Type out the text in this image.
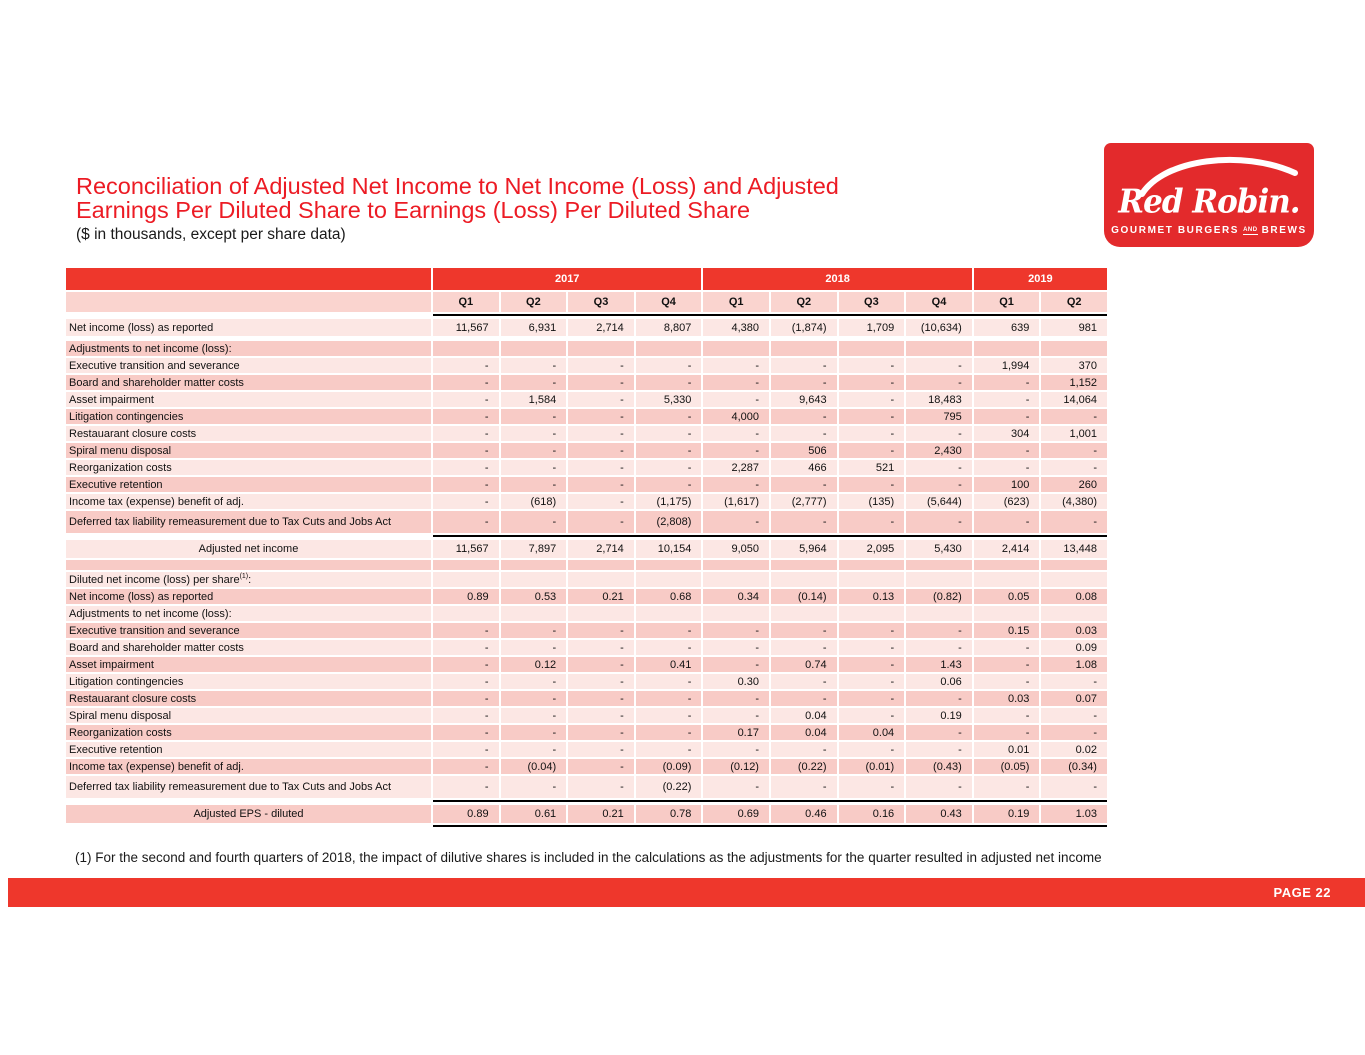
Reconciliation of Adjusted Net Income to Net Income (Loss) and Adjusted
Earnings Per Diluted Share to Earnings (Loss) Per Diluted Share
($ in thousands, except per share data)
Red Robin.
GOURMET BURGERS AND BREWS
2017	2018	2019
Q1	Q2	Q3	Q4	Q1	Q2	Q3	Q4	Q1	Q2
Net income (loss) as reported	11,567	6,931	2,714	8,807	4,380	(1,874)	1,709	(10,634)	639	981
Adjustments to net income (loss):
Executive transition and severance	-	-	-	-	-	-	-	-	1,994	370
Board and shareholder matter costs	-	-	-	-	-	-	-	-	-	1,152
Asset impairment	-	1,584	-	5,330	-	9,643	-	18,483	-	14,064
Litigation contingencies	-	-	-	-	4,000	-	-	795	-	-
Restauarant closure costs	-	-	-	-	-	-	-	-	304	1,001
Spiral menu disposal	-	-	-	-	-	506	-	2,430	-	-
Reorganization costs	-	-	-	-	2,287	466	521	-	-	-
Executive retention	-	-	-	-	-	-	-	-	100	260
Income tax (expense) benefit of adj.	-	(618)	-	(1,175)	(1,617)	(2,777)	(135)	(5,644)	(623)	(4,380)
Deferred tax liability remeasurement due to Tax Cuts and Jobs Act	-	-	-	(2,808)	-	-	-	-	-	-
Adjusted net income	11,567	7,897	2,714	10,154	9,050	5,964	2,095	5,430	2,414	13,448
Diluted net income (loss) per share (1) :
Net income (loss) as reported	0.89	0.53	0.21	0.68	0.34	(0.14)	0.13	(0.82)	0.05	0.08
Adjustments to net income (loss):
Executive transition and severance	-	-	-	-	-	-	-	-	0.15	0.03
Board and shareholder matter costs	-	-	-	-	-	-	-	-	-	0.09
Asset impairment	-	0.12	-	0.41	-	0.74	-	1.43	-	1.08
Litigation contingencies	-	-	-	-	0.30	-	-	0.06	-	-
Restauarant closure costs	-	-	-	-	-	-	-	-	0.03	0.07
Spiral menu disposal	-	-	-	-	-	0.04	-	0.19	-	-
Reorganization costs	-	-	-	-	0.17	0.04	0.04	-	-	-
Executive retention	-	-	-	-	-	-	-	-	0.01	0.02
Income tax (expense) benefit of adj.	-	(0.04)	-	(0.09)	(0.12)	(0.22)	(0.01)	(0.43)	(0.05)	(0.34)
Deferred tax liability remeasurement due to Tax Cuts and Jobs Act	-	-	-	(0.22)	-	-	-	-	-	-
Adjusted EPS - diluted	0.89	0.61	0.21	0.78	0.69	0.46	0.16	0.43	0.19	1.03
(1) For the second and fourth quarters of 2018, the impact of dilutive shares is included in the calculations as the adjustments for the quarter resulted in adjusted net income
PAGE 22
